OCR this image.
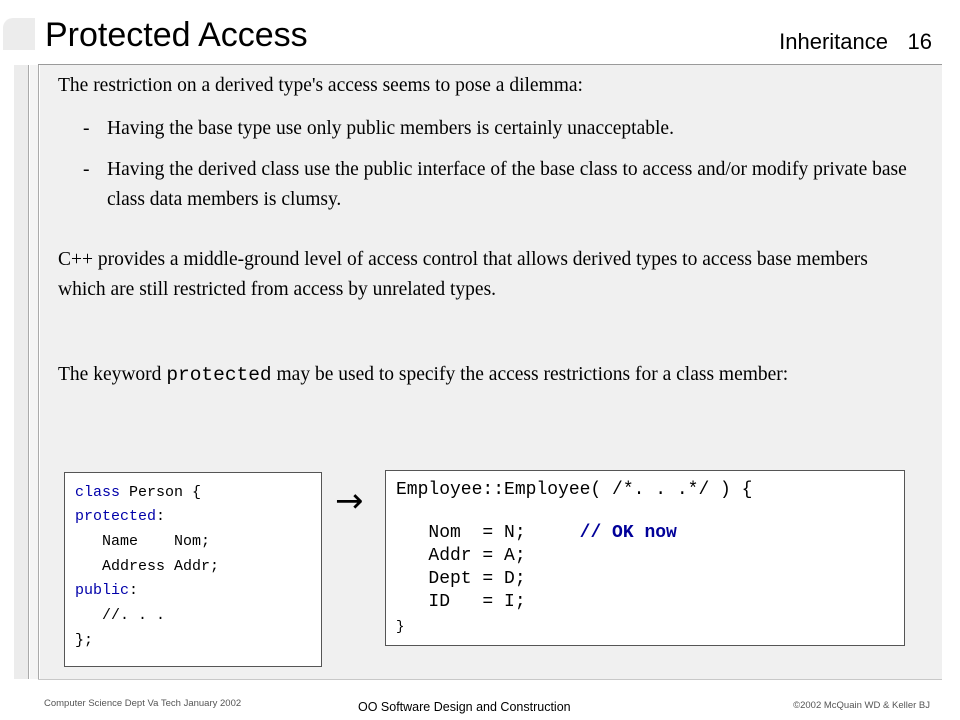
Protected Access	Inheritance 16
The restriction on a derived type's access seems to pose a dilemma:
- Having the base type use only public members is certainly unacceptable.
- Having the derived class use the public interface of the base class to access and/or modify private base class data members is clumsy.
C++ provides a middle-ground level of access control that allows derived types to access base members which are still restricted from access by unrelated types.
The keyword protected may be used to specify the access restrictions for a class member:
class Person {
protected:
Name    Nom;
Address Addr;
public:
//. . .
};
→ Employee::Employee( /*. . .*/ ) {
Nom  = N;     // OK now
Addr = A;
Dept = D;
ID   = I;
}
Computer Science Dept Va Tech January 2002	OO Software Design and Construction	©2002 McQuain WD & Keller BJ
